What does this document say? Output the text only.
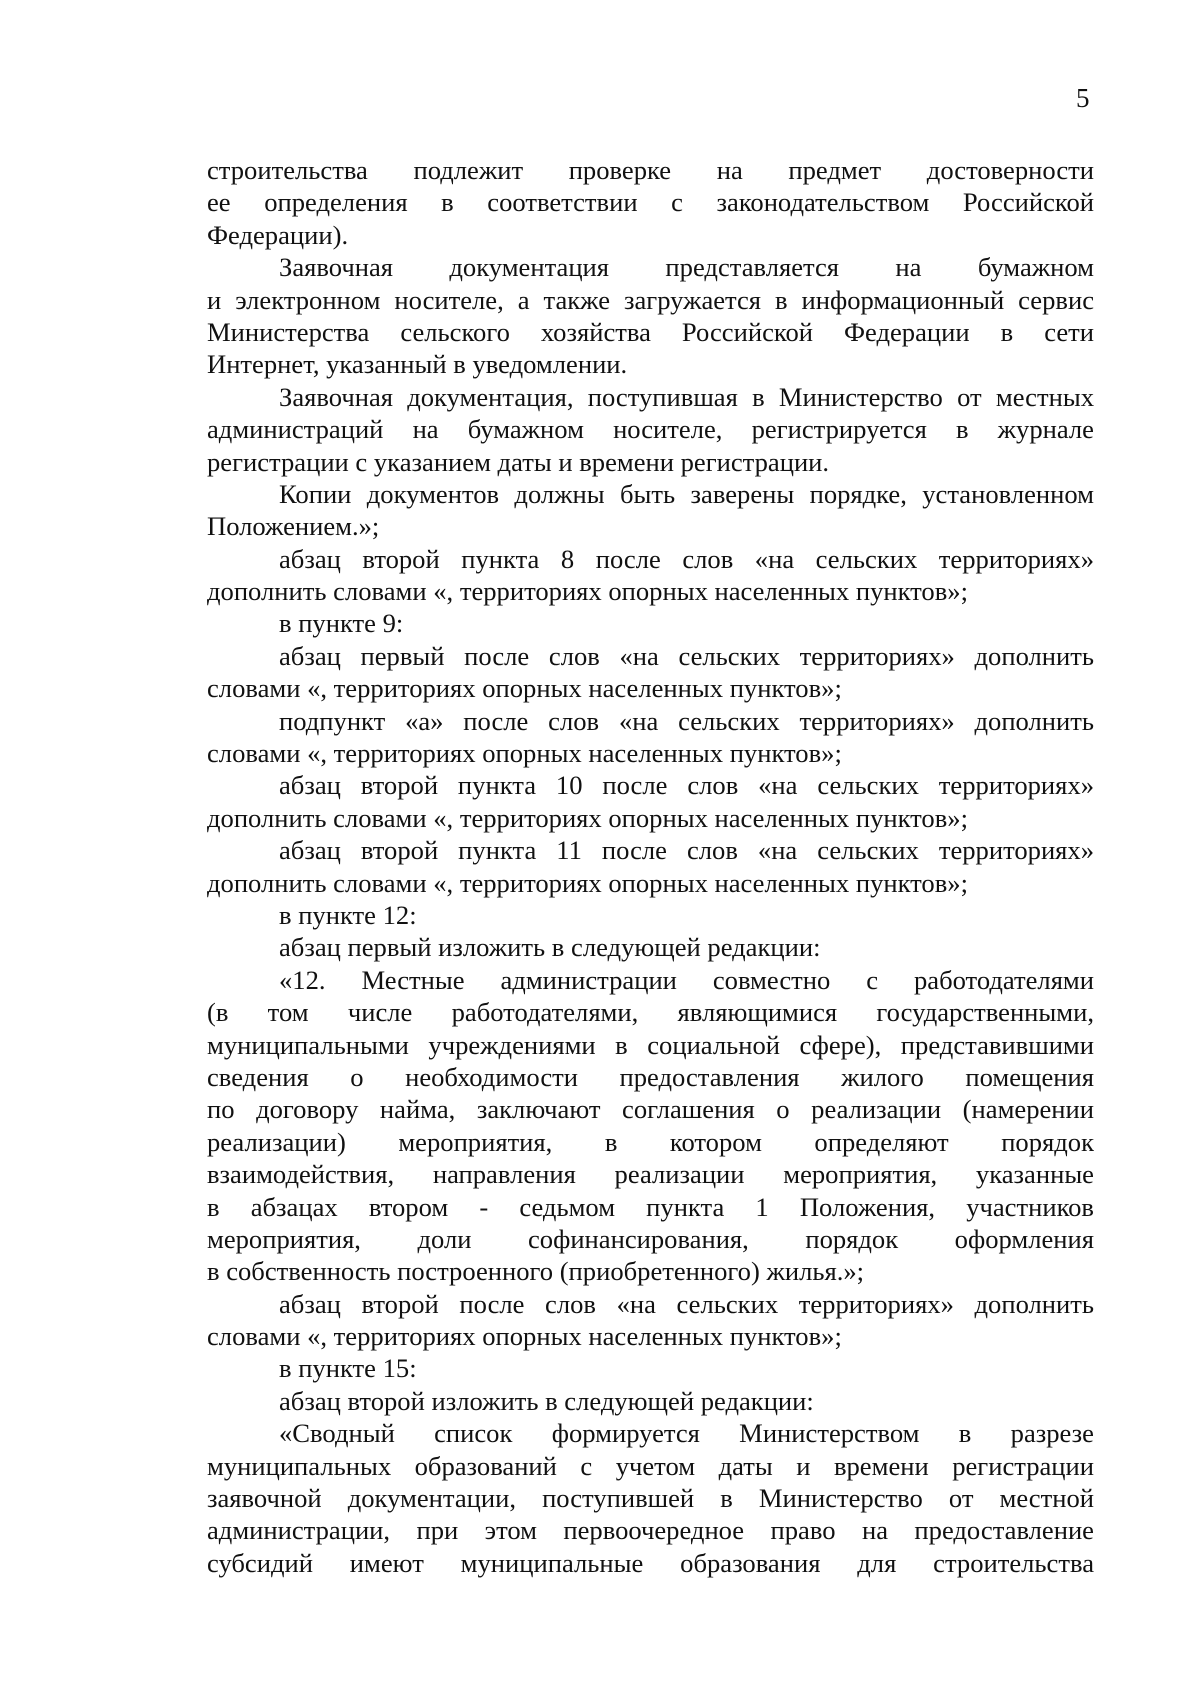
5
строительства подлежит проверке на предмет достоверности
ее определения в соответствии с законодательством Российской
Федерации).
Заявочная документация представляется на бумажном
и электронном носителе, а также загружается в информационный сервис
Министерства сельского хозяйства Российской Федерации в сети
Интернет, указанный в уведомлении.
Заявочная документация, поступившая в Министерство от местных
администраций на бумажном носителе, регистрируется в журнале
регистрации с указанием даты и времени регистрации.
Копии документов должны быть заверены порядке, установленном
Положением.»;
абзац второй пункта 8 после слов «на сельских территориях»
дополнить словами «, территориях опорных населенных пунктов»;
в пункте 9:
абзац первый после слов «на сельских территориях» дополнить
словами «, территориях опорных населенных пунктов»;
подпункт «а» после слов «на сельских территориях» дополнить
словами «, территориях опорных населенных пунктов»;
абзац второй пункта 10 после слов «на сельских территориях»
дополнить словами «, территориях опорных населенных пунктов»;
абзац второй пункта 11 после слов «на сельских территориях»
дополнить словами «, территориях опорных населенных пунктов»;
в пункте 12:
абзац первый изложить в следующей редакции:
«12. Местные администрации совместно с работодателями
(в том числе работодателями, являющимися государственными,
муниципальными учреждениями в социальной сфере), представившими
сведения о необходимости предоставления жилого помещения
по договору найма, заключают соглашения о реализации (намерении
реализации) мероприятия, в котором определяют порядок
взаимодействия, направления реализации мероприятия, указанные
в абзацах втором - седьмом пункта 1 Положения, участников
мероприятия, доли софинансирования, порядок оформления
в собственность построенного (приобретенного) жилья.»;
абзац второй после слов «на сельских территориях» дополнить
словами «, территориях опорных населенных пунктов»;
в пункте 15:
абзац второй изложить в следующей редакции:
«Сводный список формируется Министерством в разрезе
муниципальных образований с учетом даты и времени регистрации
заявочной документации, поступившей в Министерство от местной
администрации, при этом первоочередное право на предоставление
субсидий имеют муниципальные образования для строительства
